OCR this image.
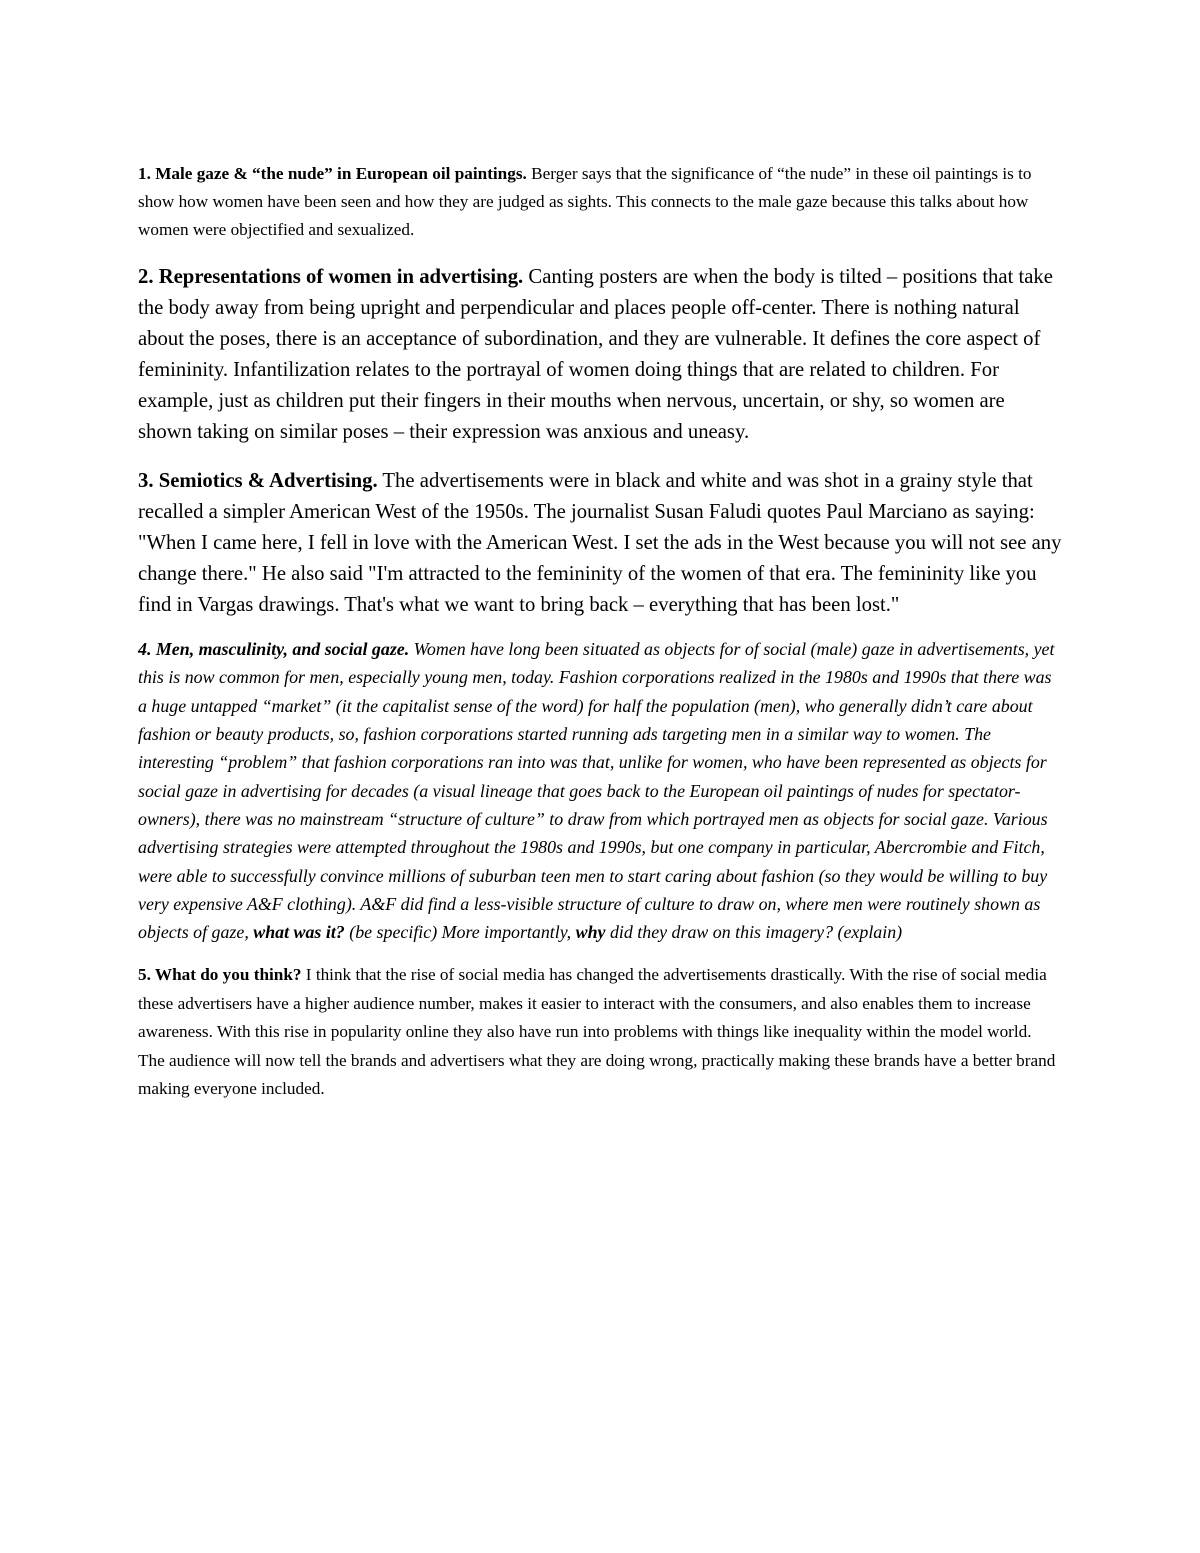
1. Male gaze & “the nude” in European oil paintings. Berger says that the significance of “the nude” in these oil paintings is to show how women have been seen and how they are judged as sights. This connects to the male gaze because this talks about how women were objectified and sexualized.

2. Representations of women in advertising. Canting posters are when the body is tilted – positions that take the body away from being upright and perpendicular and places people off-center. There is nothing natural about the poses, there is an acceptance of subordination, and they are vulnerable. It defines the core aspect of femininity. Infantilization relates to the portrayal of women doing things that are related to children. For example, just as children put their fingers in their mouths when nervous, uncertain, or shy, so women are shown taking on similar poses – their expression was anxious and uneasy.

3. Semiotics & Advertising. The advertisements were in black and white and was shot in a grainy style that recalled a simpler American West of the 1950s. The journalist Susan Faludi quotes Paul Marciano as saying: "When I came here, I fell in love with the American West. I set the ads in the West because you will not see any change there." He also said "I'm attracted to the femininity of the women of that era. The femininity like you find in Vargas drawings. That's what we want to bring back – everything that has been lost."

4. Men, masculinity, and social gaze. Women have long been situated as objects for of social (male) gaze in advertisements, yet this is now common for men, especially young men, today. Fashion corporations realized in the 1980s and 1990s that there was a huge untapped “market” (it the capitalist sense of the word) for half the population (men), who generally didn’t care about fashion or beauty products, so, fashion corporations started running ads targeting men in a similar way to women. The interesting “problem” that fashion corporations ran into was that, unlike for women, who have been represented as objects for social gaze in advertising for decades (a visual lineage that goes back to the European oil paintings of nudes for spectator-owners), there was no mainstream “structure of culture” to draw from which portrayed men as objects for social gaze. Various advertising strategies were attempted throughout the 1980s and 1990s, but one company in particular, Abercrombie and Fitch, were able to successfully convince millions of suburban teen men to start caring about fashion (so they would be willing to buy very expensive A&F clothing). A&F did find a less-visible structure of culture to draw on, where men were routinely shown as objects of gaze, what was it? (be specific) More importantly, why did they draw on this imagery? (explain)

5. What do you think? I think that the rise of social media has changed the advertisements drastically. With the rise of social media these advertisers have a higher audience number, makes it easier to interact with the consumers, and also enables them to increase awareness. With this rise in popularity online they also have run into problems with things like inequality within the model world. The audience will now tell the brands and advertisers what they are doing wrong, practically making these brands have a better brand making everyone included.
